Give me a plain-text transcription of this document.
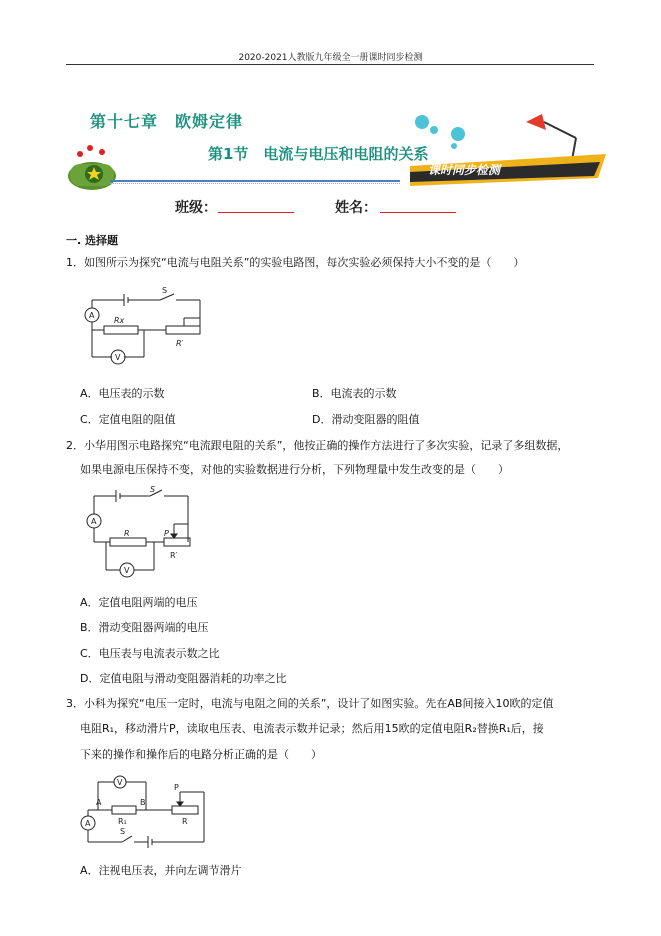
2020-2021人教版九年级全一册课时同步检测
课时同步检测
第十七章　欧姆定律
第1节　电流与电压和电阻的关系
班级：	姓名：
一. 选择题
1．如图所示为探究“电流与电阻关系”的实验电路图，每次实验必须保持大小不变的是（　　）
S
A
Rx
R′
V
A．电压表的示数	B．电流表的示数
C．定值电阻的阻值	D．滑动变阻器的阻值
2．小华用图示电路探究“电流跟电阻的关系”，他按正确的操作方法进行了多次实验，记录了多组数据，
如果电源电压保持不变，对他的实验数据进行分析，下列物理量中发生改变的是（　　）
S
A
R	P
R′
V
A．定值电阻两端的电压
B．滑动变阻器两端的电压
C．电压表与电流表示数之比
D．定值电阻与滑动变阻器消耗的功率之比
3．小科为探究“电压一定时，电流与电阻之间的关系”，设计了如图实验。先在AB间接入10欧的定值
电阻R₁，移动滑片P，读取电压表、电流表示数并记录；然后用15欧的定值电阻R₂替换R₁后，接
下来的操作和操作后的电路分析正确的是（　　）
V
A	B
R₁
P
R
A
S
A．注视电压表，并向左调节滑片
